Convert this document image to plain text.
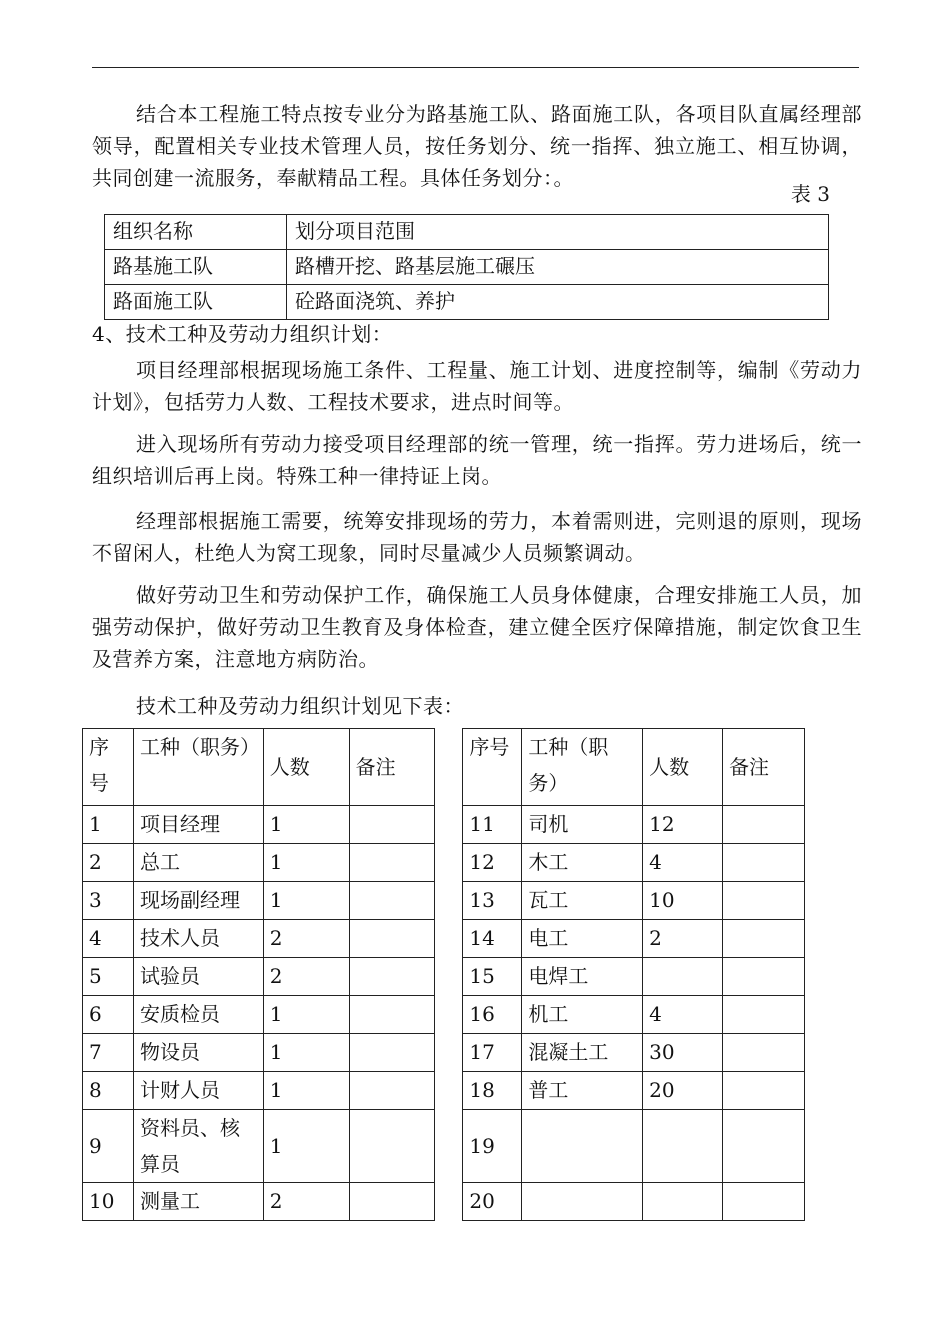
结合本工程施工特点按专业分为路基施工队、路面施工队，各项目队直属经理部领导，配置相关专业技术管理人员，按任务划分、统一指挥、独立施工、相互协调，共同创建一流服务，奉献精品工程。具体任务划分：。

表 3
组织名称	划分项目范围
路基施工队	路槽开挖、路基层施工碾压
路面施工队	砼路面浇筑、养护

4、技术工种及劳动力组织计划：

项目经理部根据现场施工条件、工程量、施工计划、进度控制等，编制《劳动力计划》，包括劳力人数、工程技术要求，进点时间等。

进入现场所有劳动力接受项目经理部的统一管理，统一指挥。劳力进场后，统一组织培训后再上岗。特殊工种一律持证上岗。

经理部根据施工需要，统筹安排现场的劳力，本着需则进，完则退的原则，现场不留闲人，杜绝人为窝工现象，同时尽量减少人员频繁调动。

做好劳动卫生和劳动保护工作，确保施工人员身体健康，合理安排施工人员，加强劳动保护，做好劳动卫生教育及身体检查，建立健全医疗保障措施，制定饮食卫生及营养方案，注意地方病防治。

技术工种及劳动力组织计划见下表：

序号	工种（职务）	人数	备注		序号	工种（职务）	人数	备注
1	项目经理	1			11	司机	12	
2	总工	1			12	木工	4	
3	现场副经理	1			13	瓦工	10	
4	技术人员	2			14	电工	2	
5	试验员	2			15	电焊工		
6	安质检员	1			16	机工	4	
7	物设员	1			17	混凝土工	30	
8	计财人员	1			18	普工	20	
9	资料员、核算员	1			19			
10	测量工	2			20			
